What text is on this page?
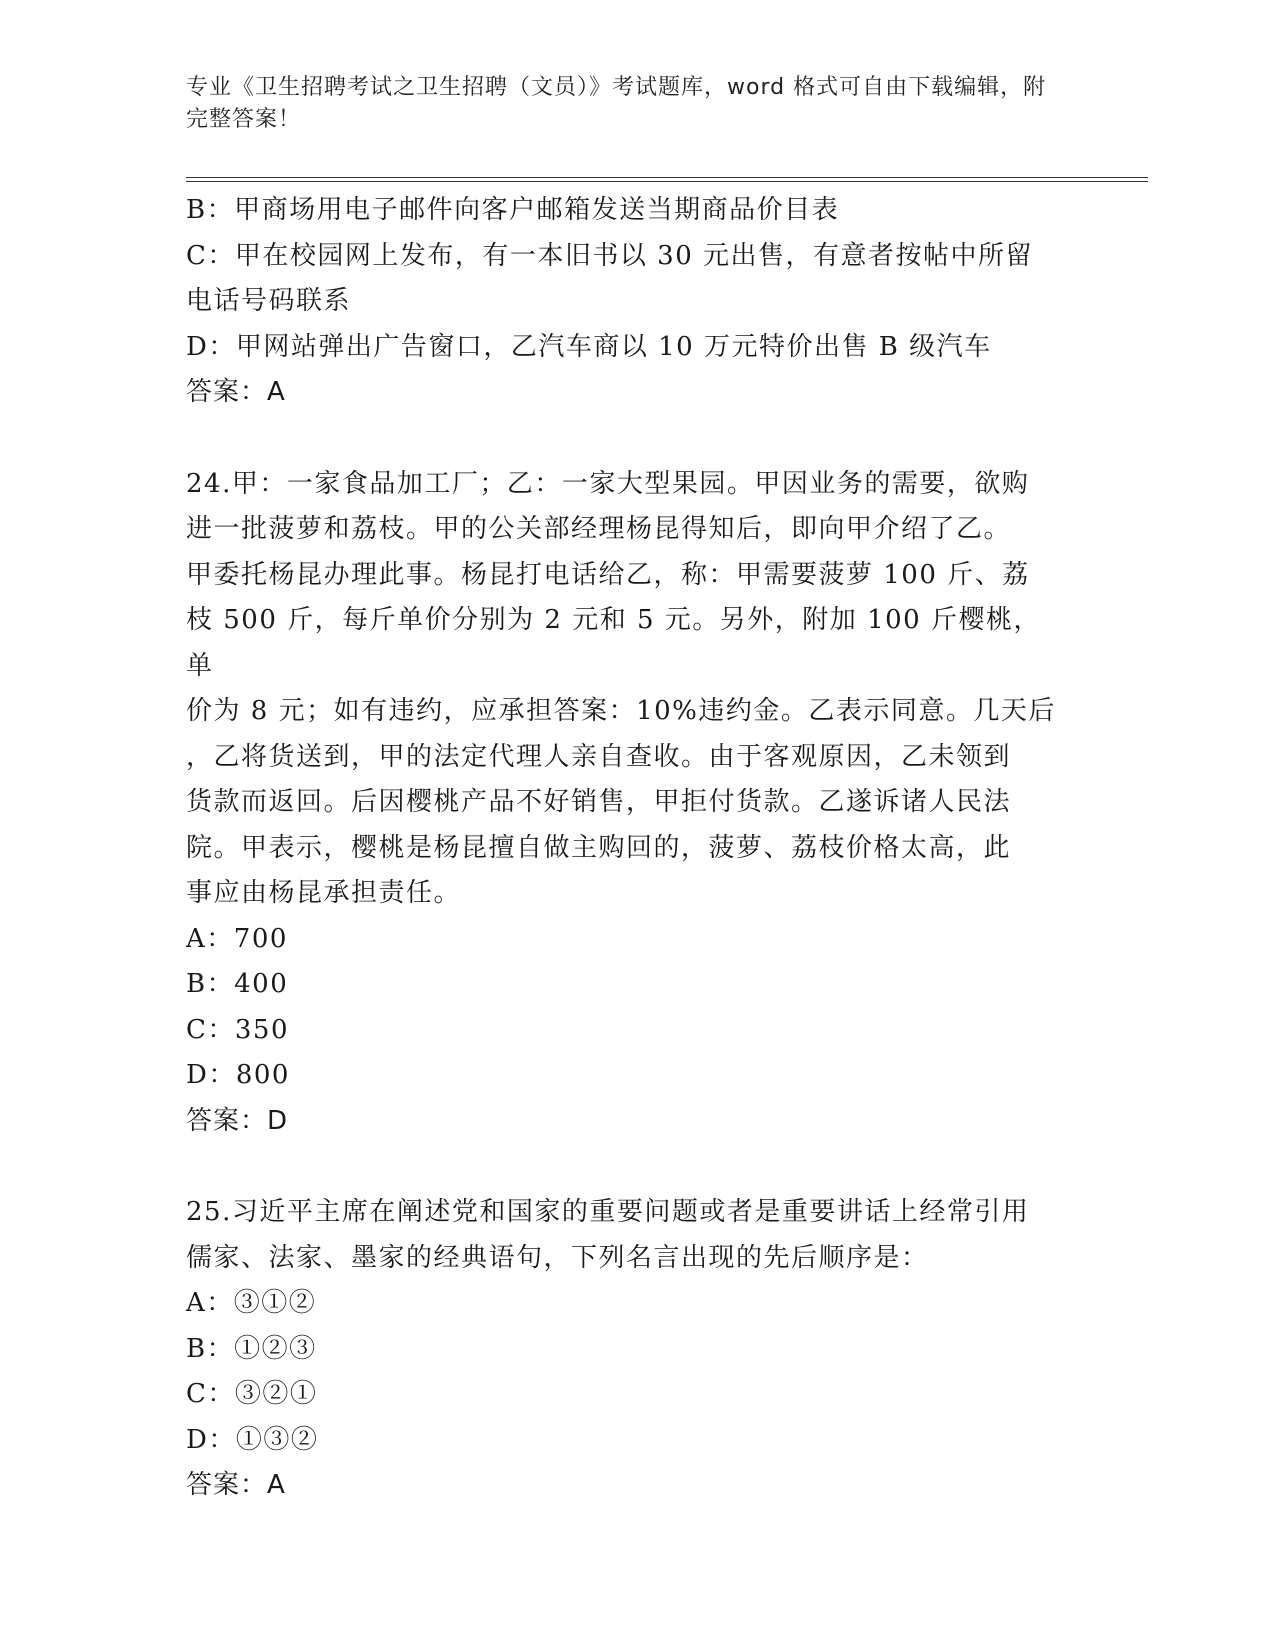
专业《卫生招聘考试之卫生招聘（文员）》考试题库，word 格式可自由下载编辑，附完整答案！
B：甲商场用电子邮件向客户邮箱发送当期商品价目表
C：甲在校园网上发布，有一本旧书以 30 元出售，有意者按帖中所留
电话号码联系
D：甲网站弹出广告窗口，乙汽车商以 10 万元特价出售 B 级汽车
答案：A
24.甲：一家食品加工厂；乙：一家大型果园。甲因业务的需要，欲购
进一批菠萝和荔枝。甲的公关部经理杨昆得知后，即向甲介绍了乙。
甲委托杨昆办理此事。杨昆打电话给乙，称：甲需要菠萝 100 斤、荔
枝 500 斤，每斤单价分别为 2 元和 5 元。另外，附加 100 斤樱桃，单
价为 8 元；如有违约，应承担答案：10%违约金。乙表示同意。几天后
，乙将货送到，甲的法定代理人亲自查收。由于客观原因，乙未领到
货款而返回。后因樱桃产品不好销售，甲拒付货款。乙遂诉诸人民法
院。甲表示，樱桃是杨昆擅自做主购回的，菠萝、荔枝价格太高，此
事应由杨昆承担责任。
A：700
B：400
C：350
D：800
答案：D
25.习近平主席在阐述党和国家的重要问题或者是重要讲话上经常引用
儒家、法家、墨家的经典语句，下列名言出现的先后顺序是：
A：③①②
B：①②③
C：③②①
D：①③②
答案：A
